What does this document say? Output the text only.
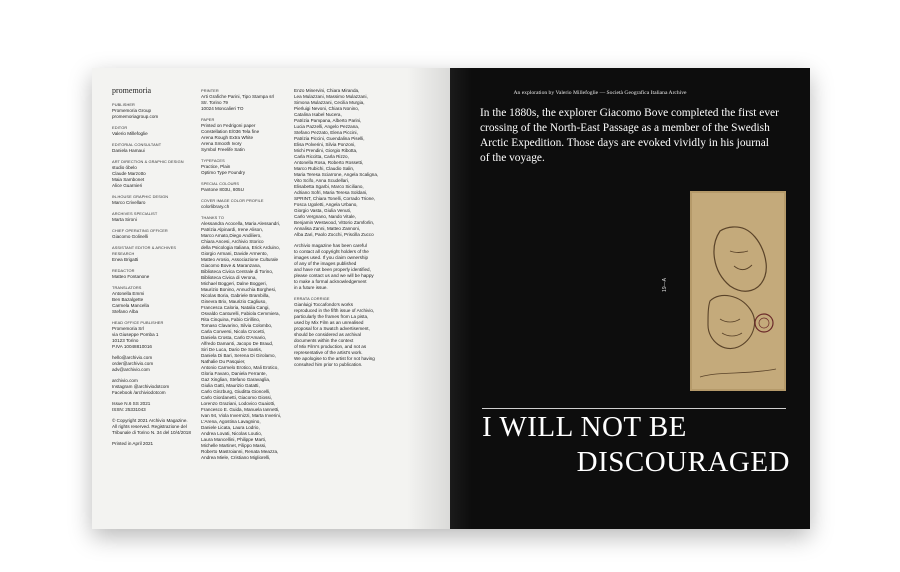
promemoria
PUBLISHER
Promemoria Group
promemoriagroup.com
EDITOR
Valerio Millefoglie
EDITORIAL CONSULTANT
Daniela Hamaui
ART DIRECTION & GRAPHIC DESIGN
studio óbelo
Claude Marzotto
Maia Sambonet
Alice Guarnieri
IN-HOUSE GRAPHIC DESIGN
Marco Crivellaro
ARCHIVES SPECIALIST
Marta Sironi
CHIEF OPERATING OFFICER
Giacomo Golinelli
ASSISTANT EDITOR & ARCHIVES RESEARCH
Enea Brigatti
REDACTOR
Matteo Fontanone
TRANSLATORS
Antonella Emmi
Ben Bazalgette
Carmela Mancella
Stefano Alba
HEAD OFFICE PUBLISHER
Promemoria Srl
via Giuseppe Pomba 1
10123 Torino
P.IVA 10048810016
hello@archivio.com
order@archivio.com
adv@archivio.com
archivio.com
Instagram @archiviodotcom
Facebook /archiviodotcom
Issue N.6 SS 2021
ISSN: 25331043
© Copyright 2021 Archivio Magazine.
All rights reserved. Registrazione del
Tribunale di Torino N. 34 del 10/4/2018
Printed in April 2021
PRINTER
Arti Grafiche Parini, Tipo Stampa srl
Str. Torino 79
10024 Moncalieri TO
PAPER
Printed on Fedrigoni paper
Constellation E/036 Tela fine
Arena Rough Extra White
Arena Smooth Ivory
Symbol Freelife Satin
TYPEFACES
Practice, Plain
Optimo Type Foundry
SPECIAL COLOURS
Pantone 803U, 805U
COVER IMAGE COLOR PROFILE
colorlibrary.ch
THANKS TO
Alessandra Acocella, Maria Alessandri,
Patrizia Alpinardi, Irene Alison,
Marco Amato,Diego Andiliero,
Chiara Ancesi, Archivio Storico
della Psicologia Italiana, Erick Arduino,
Giorgio Armani, Davide Armento,
Matteo Arosio, Associazione Culturale
Giacomo Bove & Maranzana,
Biblioteca Civica Centrale di Torino,
Biblioteca Civica di Verona,
Michael Boggeri, Dalne Boggeri,
Maurizio Bonino, Annuchia Borghesi,
Nicolas Boria, Gabriele Brambilla,
Ginevra Brix, Maurizio Cagliuso,
Francesca Caloria, Natalia Cangi,
Osvaldo Canturelli, Fabiola Cemmiera,
Rita Cinquina, Fabio Cirillino,
Tomaso Clavarino, Silvia Colombo,
Carla Conversi, Nicola Crocetti,
Daniela Crosta, Carlo D'Amario,
Alfredo Damanti, Jacopo De Braud,
Siri De Luca, Dario De Santis,
Daniela Di Bari, Serena Di Girolamo,
Nathalie Du Pasquier,
Antonio Carmelo Erotico, Mali Erotico,
Gloria Favaro, Daniela Ferrante,
Gaz Xinglian, Stefano Garavaglia,
Giulia Gatti, Maurizio Gatatti,
Carlo Ginzburg, Giuditta Gioncelli,
Carlo Giordanetti, Giacomo Giossi,
Lorenzo Graziani, Lodovico Guaiotti,
Francesco E. Guida, Manuela Iannetti,
Ivan 94, Viola Invernizzi, Marta Inverini,
L'Arena, Agostina Lavagnino,
Daniele Licata, Laura Lodrio,
Andrea Lovati, Nicolas Loutio,
Laura Mancellini, Philippe Marti,
Michelle Martinet, Filippo Massi,
Roberto Mastroianni, Renata Meazza,
Andrea Miele, Cristiano Migliorelli,
Enzo Minervini, Chiara Miranda,
Lea Mulazzani, Massimo Mulazzani,
Simona Mulazzani, Cecilia Murgia,
Pierluigi Nevoni, Chiara Nonino,
Catalina Isabel Nucera,
Patrizia Pampana, Alberto Parini,
Lucia Pazzelli, Angelo Pezzana,
Stefano Pezzato, Elena Piccini,
Patrizia Piccini, Guendalina Piselli,
Elisa Polverini, Silvia Ponzoni,
Michi Prendini, Giorgio Ribotta,
Carla Riccitta, Carla Rizzo,
Antonella Rosa, Roberto Rossetti,
Marco Rubichi, Claudio Salin,
Maria Teresa Sciarrone, Angela Scaligna,
Vito Scifo, Anna Scudellari,
Elisabetta Sgarbi, Marco Siciliano,
Adriano Sofri, Maria Teresa Soldani,
SPRINT, Chiara Tonelli, Corrado Trione,
Fosca Ugoletti, Angela Urbano,
Giorgio Vasta, Giulia Venuti,
Carlo Vergnano, Nando Vitale,
Benjamin Westwood, Vittorio Zamforlin,
Annalisa Zanni, Matteo Zannoni,
Alba Zari, Paolo Zocchi, Priscilla Zucco
Archivio magazine has been careful
to contact all copyright holders of the
images used. If you claim ownership
of any of the images published
and have not been properly identified,
please contact us and we will be happy
to make a formal acknowledgement
in a future issue.
ERRATA CORRIGE
Gianluigi Toccafondo's works
reproduced in the fifth issue of Archivio,
particularly the frames from La pista,
used by Mix Film as an unrealised
proposal for a Swatch advertisement,
should be considered as archival
documents within the context
of Mix Film's production, and not as
representative of the artist's work.
We apologise to the artist for not having
consulted him prior to publication.
An exploration by Valerio Millefoglie — Società Geografica Italiana Archive
In the 1880s, the explorer Giacomo Bove completed the first ever crossing of the North-East Passage as a member of the Swedish Arctic Expedition. Those days are evoked vividly in his journal of the voyage.
19—A
I WILL NOT BE
DISCOURAGED
